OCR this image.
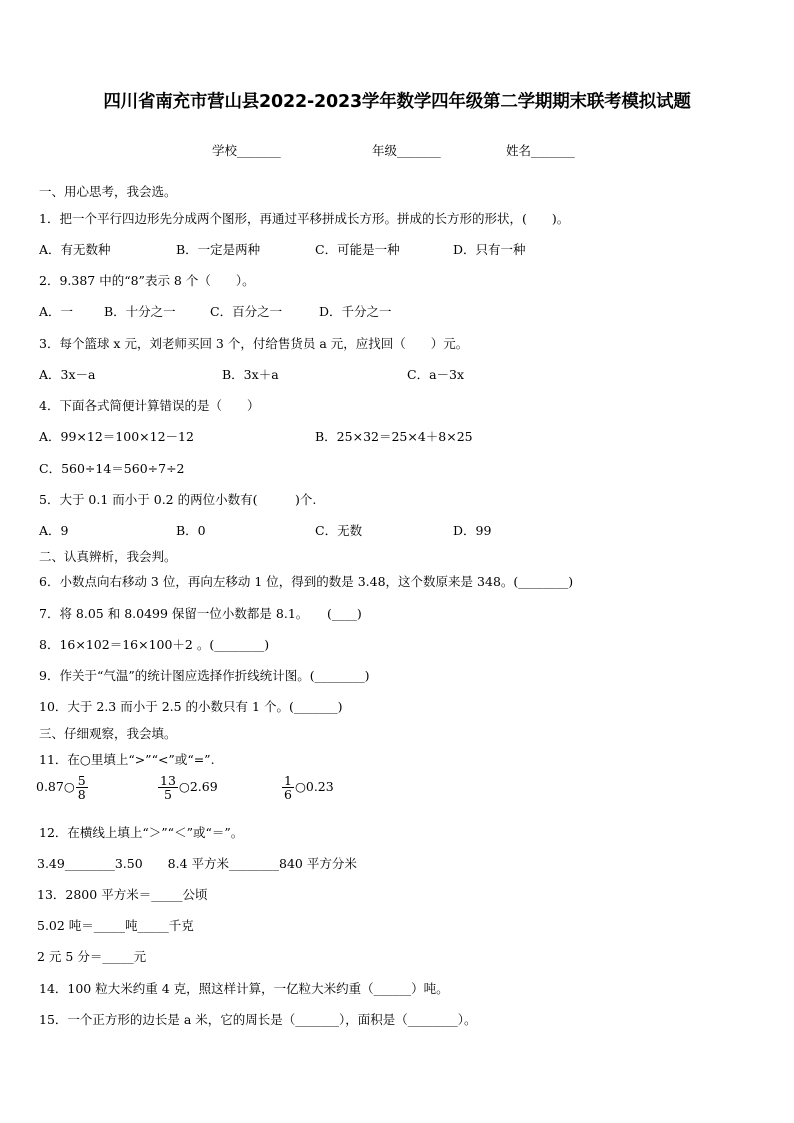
四川省南充市营山县2022-2023学年数学四年级第二学期期末联考模拟试题
学校_______	年级_______	姓名_______
一、用心思考，我会选。
1．把一个平行四边形先分成两个图形，再通过平移拼成长方形。拼成的长方形的形状，(　　)。
A．有无数种	B．一定是两种	C．可能是一种	D．只有一种
2．9.387 中的“8”表示 8 个（　　）。
A．一 B．十分之一	C．百分之一	D．千分之一
3．每个篮球 x 元，刘老师买回 3 个，付给售货员 a 元，应找回（　　）元。
A．3x－a	B．3x＋a	C．a－3x
4．下面各式简便计算错误的是（　　）
A．99×12＝100×12－12	B．25×32＝25×4＋8×25
C．560÷14＝560÷7÷2
5．大于 0.1 而小于 0.2 的两位小数有(　　　)个.
A．9	B．0	C．无数	D．99
二、认真辨析，我会判。
6．小数点向右移动 3 位，再向左移动 1 位，得到的数是 3.48，这个数原来是 348。(________)
7．将 8.05 和 8.0499 保留一位小数都是 8.1。　　(____)
8．16×102＝16×100＋2 。(________)
9．作关于“气温”的统计图应选择作折线统计图。(________)
10．大于 2.3 而小于 2.5 的小数只有 1 个。(_______)
三、仔细观察，我会填。
11．在○里填上“>”“<”或“=”.
0.87○ $\frac{5}{8}$	$\frac{13}{5}$ ○2.69	$\frac{1}{6}$ ○0.23
12．在横线上填上“＞”“＜”或“＝”。
3.49________3.50　　8.4 平方米________840 平方分米
13．2800 平方米＝_____公顷
5.02 吨＝_____吨_____千克
2 元 5 分＝_____元
14．100 粒大米约重 4 克，照这样计算，一亿粒大米约重（______）吨。
15．一个正方形的边长是 a 米，它的周长是（_______），面积是（________）。
